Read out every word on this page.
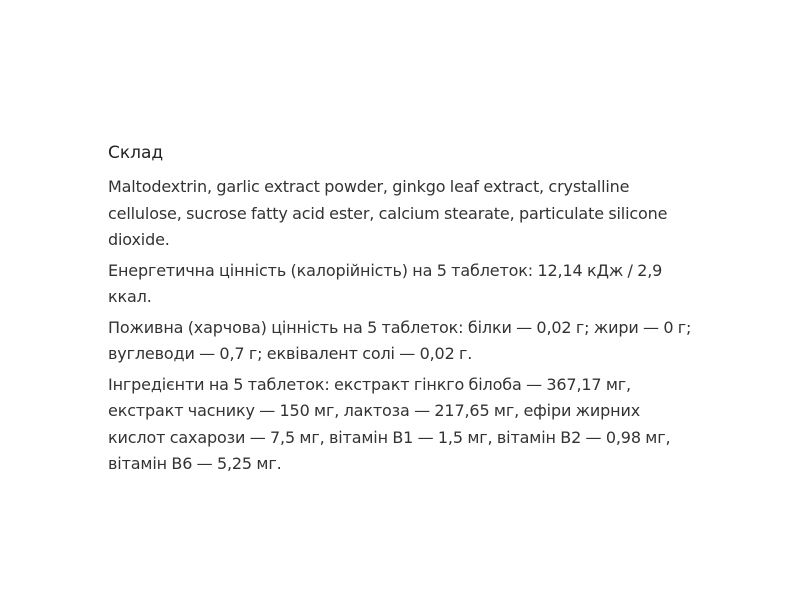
Склад

Maltodextrin, garlic extract powder, ginkgo leaf extract, crystalline cellulose, sucrose fatty acid ester, calcium stearate, particulate silicone dioxide.

Енергетична цінність (калорійність) на 5 таблеток: 12,14 кДж / 2,9 ккал.

Поживна (харчова) цінність на 5 таблеток: білки — 0,02 г; жири — 0 г; вуглеводи — 0,7 г; еквівалент солі — 0,02 г.

Інгредієнти на 5 таблеток: екстракт гінкго білоба — 367,17 мг, екстракт часнику — 150 мг, лактоза — 217,65 мг, ефіри жирних кислот сахарози — 7,5 мг, вітамін B1 — 1,5 мг, вітамін B2 — 0,98 мг, вітамін B6 — 5,25 мг.
